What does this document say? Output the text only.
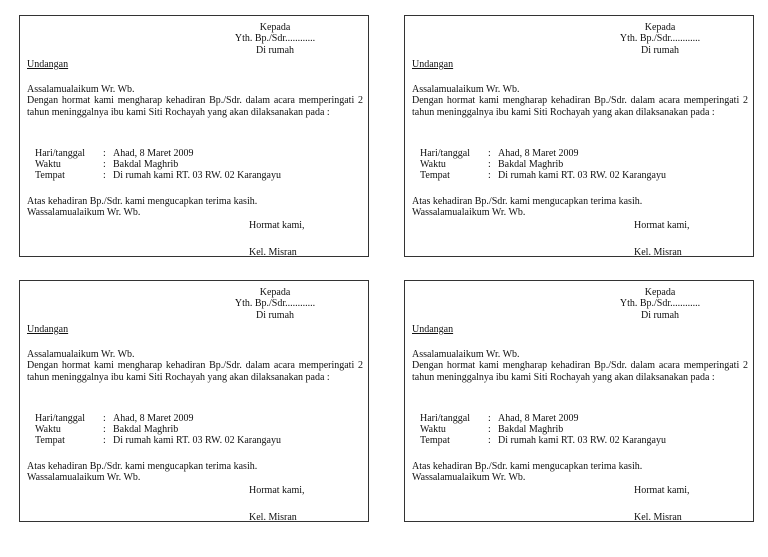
Kepada
Yth. Bp./Sdr............
Di rumah
Undangan
Assalamualaikum Wr. Wb.
Dengan hormat kami mengharap kehadiran Bp./Sdr. dalam acara memperingati 2 tahun meninggalnya ibu kami Siti Rochayah yang akan dilaksanakan pada :
Hari/tanggal : Ahad, 8 Maret 2009
Waktu	: Bakdal Maghrib
Tempat	: Di rumah kami RT. 03 RW. 02 Karangayu
Atas kehadiran Bp./Sdr. kami mengucapkan terima kasih.
Wassalamualaikum Wr. Wb.
Hormat kami,
Kel. Misran
Kepada
Yth. Bp./Sdr............
Di rumah
Undangan
Assalamualaikum Wr. Wb.
Dengan hormat kami mengharap kehadiran Bp./Sdr. dalam acara memperingati 2 tahun meninggalnya ibu kami Siti Rochayah yang akan dilaksanakan pada :
Hari/tanggal : Ahad, 8 Maret 2009
Waktu	: Bakdal Maghrib
Tempat	: Di rumah kami RT. 03 RW. 02 Karangayu
Atas kehadiran Bp./Sdr. kami mengucapkan terima kasih.
Wassalamualaikum Wr. Wb.
Hormat kami,
Kel. Misran
Kepada
Yth. Bp./Sdr............
Di rumah
Undangan
Assalamualaikum Wr. Wb.
Dengan hormat kami mengharap kehadiran Bp./Sdr. dalam acara memperingati 2 tahun meninggalnya ibu kami Siti Rochayah yang akan dilaksanakan pada :
Hari/tanggal : Ahad, 8 Maret 2009
Waktu	: Bakdal Maghrib
Tempat	: Di rumah kami RT. 03 RW. 02 Karangayu
Atas kehadiran Bp./Sdr. kami mengucapkan terima kasih.
Wassalamualaikum Wr. Wb.
Hormat kami,
Kel. Misran
Kepada
Yth. Bp./Sdr............
Di rumah
Undangan
Assalamualaikum Wr. Wb.
Dengan hormat kami mengharap kehadiran Bp./Sdr. dalam acara memperingati 2 tahun meninggalnya ibu kami Siti Rochayah yang akan dilaksanakan pada :
Hari/tanggal : Ahad, 8 Maret 2009
Waktu	: Bakdal Maghrib
Tempat	: Di rumah kami RT. 03 RW. 02 Karangayu
Atas kehadiran Bp./Sdr. kami mengucapkan terima kasih.
Wassalamualaikum Wr. Wb.
Hormat kami,
Kel. Misran
